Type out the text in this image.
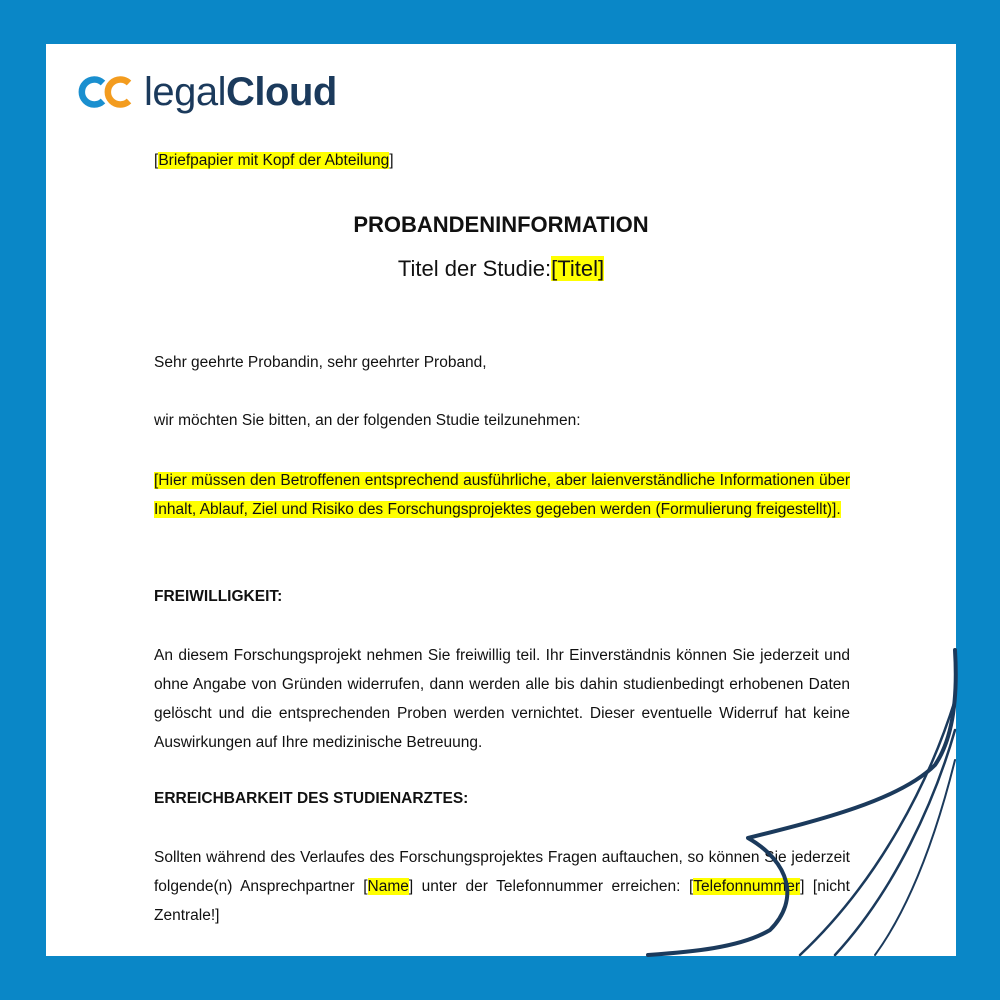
legalCloud
[Briefpapier mit Kopf der Abteilung]
PROBANDENINFORMATION
Titel der Studie:[Titel]
Sehr geehrte Probandin, sehr geehrter Proband,
wir möchten Sie bitten, an der folgenden Studie teilzunehmen:
[Hier müssen den Betroffenen entsprechend ausführliche, aber laienverständliche Informationen über Inhalt, Ablauf, Ziel und Risiko des Forschungsprojektes gegeben werden (Formulierung freigestellt)].
FREIWILLIGKEIT:
An diesem Forschungsprojekt nehmen Sie freiwillig teil. Ihr Einverständnis können Sie jederzeit und ohne Angabe von Gründen widerrufen, dann werden alle bis dahin studienbedingt erhobenen Daten gelöscht und die entsprechenden Proben werden vernichtet. Dieser eventuelle Widerruf hat keine Auswirkungen auf Ihre medizinische Betreuung.
ERREICHBARKEIT DES STUDIENARZTES:
Sollten während des Verlaufes des Forschungsprojektes Fragen auftauchen, so können Sie jederzeit folgende(n) Ansprechpartner [Name] unter der Telefonnummer erreichen: [Telefonnummer] [nicht Zentrale!]
